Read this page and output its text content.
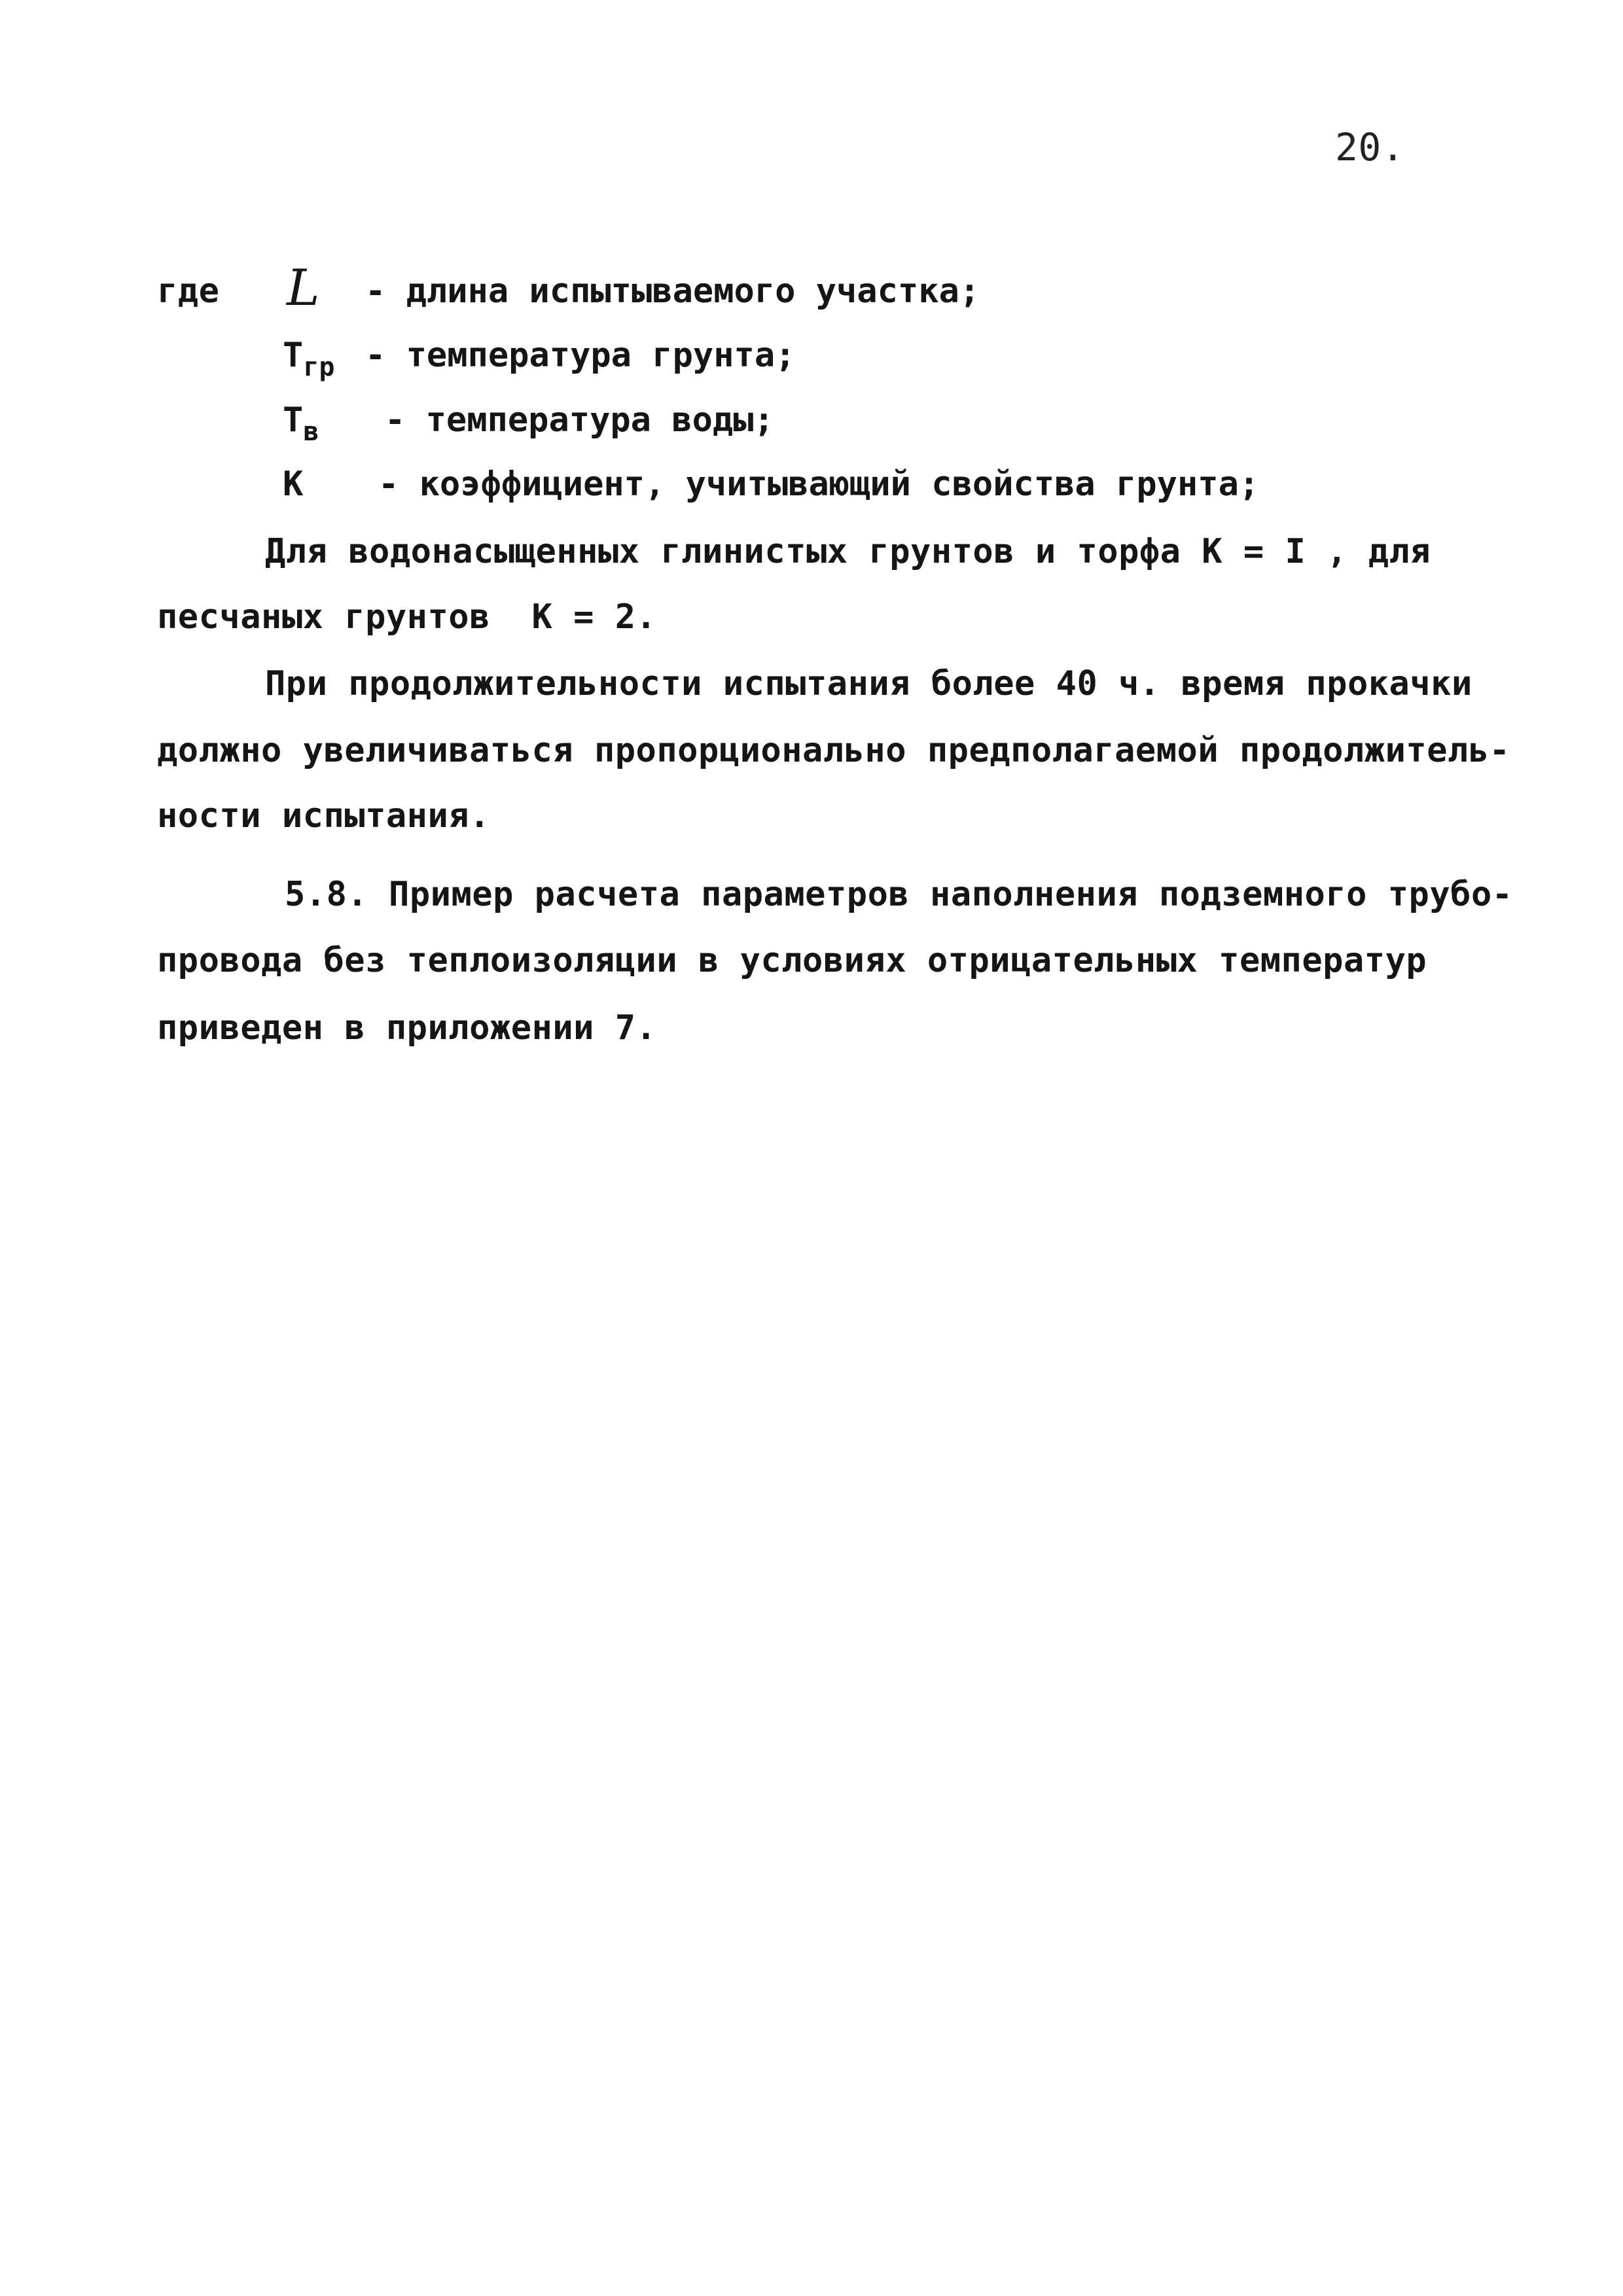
20.
где L - длина испытываемого участка;
$Т_{гр}$ - температура грунта;
$Т_в$ - температура воды;
К - коэффициент, учитывающий свойства грунта;
Для водонасыщенных глинистых грунтов и торфа К = I , для
песчаных грунтов  К = 2.
При продолжительности испытания более 40 ч. время прокачки
должно увеличиваться пропорционально предполагаемой продолжитель-
ности испытания.
5.8. Пример расчета параметров наполнения подземного трубо-
провода без теплоизоляции в условиях отрицательных температур
приведен в приложении 7.
